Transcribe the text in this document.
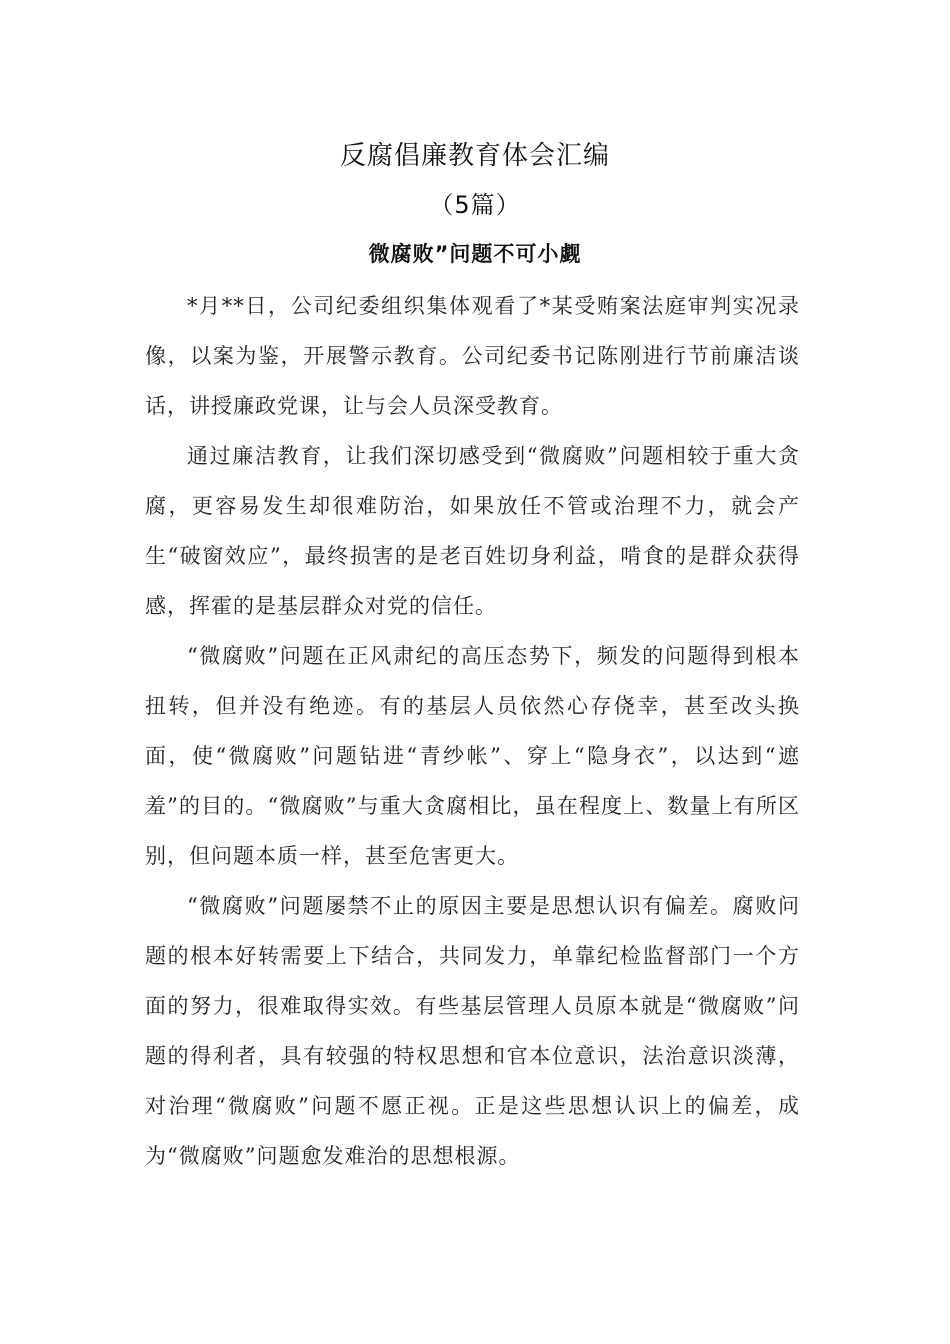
反腐倡廉教育体会汇编
（5篇）
微腐败”问题不可小觑

*月**日，公司纪委组织集体观看了*某受贿案法庭审判实况录像，以案为鉴，开展警示教育。公司纪委书记陈刚进行节前廉洁谈话，讲授廉政党课，让与会人员深受教育。

通过廉洁教育，让我们深切感受到“微腐败”问题相较于重大贪腐，更容易发生却很难防治，如果放任不管或治理不力，就会产生“破窗效应”，最终损害的是老百姓切身利益，啃食的是群众获得感，挥霍的是基层群众对党的信任。

“微腐败”问题在正风肃纪的高压态势下，频发的问题得到根本扭转，但并没有绝迹。有的基层人员依然心存侥幸，甚至改头换面，使“微腐败”问题钻进“青纱帐”、穿上“隐身衣”，以达到“遮羞”的目的。“微腐败”与重大贪腐相比，虽在程度上、数量上有所区别，但问题本质一样，甚至危害更大。

“微腐败”问题屡禁不止的原因主要是思想认识有偏差。腐败问题的根本好转需要上下结合，共同发力，单靠纪检监督部门一个方面的努力，很难取得实效。有些基层管理人员原本就是“微腐败”问题的得利者，具有较强的特权思想和官本位意识，法治意识淡薄，对治理“微腐败”问题不愿正视。正是这些思想认识上的偏差，成为“微腐败”问题愈发难治的思想根源。
